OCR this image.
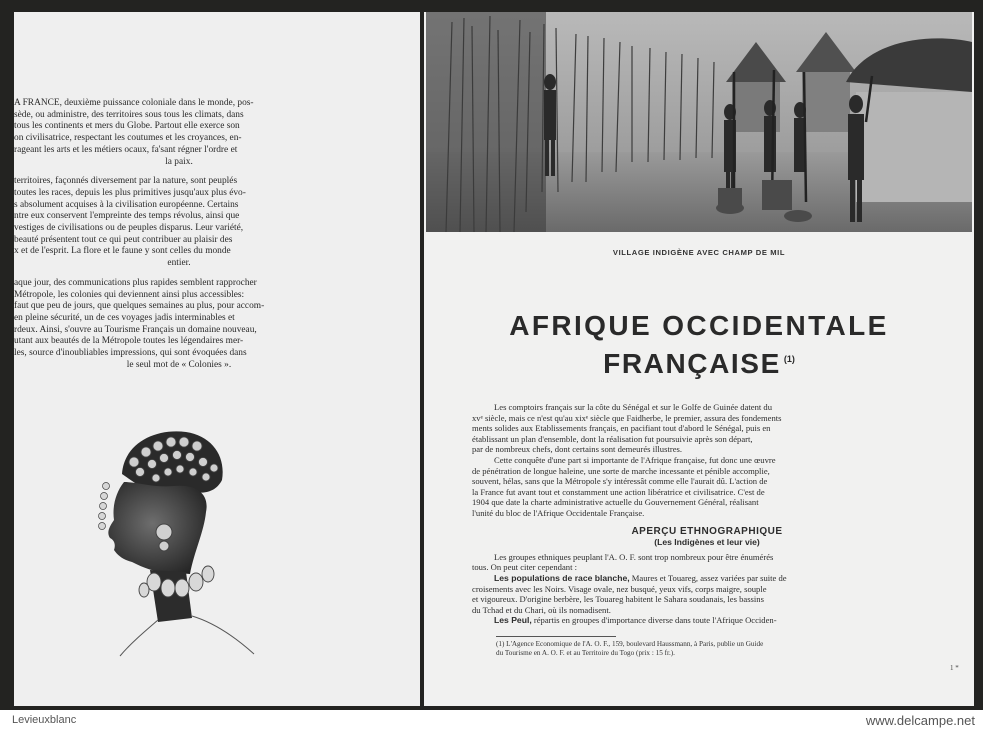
A FRANCE, deuxième puissance coloniale dans le monde, pos-
sède, ou administre, des territoires sous tous les climats, dans
tous les continents et mers du Globe. Partout elle exerce son
on civilisatrice, respectant les coutumes et les croyances, en-
rageant les arts et les métiers ocaux, fa'sant régner l'ordre et
la paix.
territoires, façonnés diversement par la nature, sont peuplés
toutes les races, depuis les plus primitives jusqu'aux plus évo-
s absolument acquises à la civilisation européenne. Certains
ntre eux conservent l'empreinte des temps révolus, ainsi que
vestiges de civilisations ou de peuples disparus. Leur variété,
beauté présentent tout ce qui peut contribuer au plaisir des
x et de l'esprit. La flore et le faune y sont celles du monde
entier.
aque jour, des communications plus rapides semblent rapprocher
Métropole, les colonies qui deviennent ainsi plus accessibles:
faut que peu de jours, que quelques semaines au plus, pour accom-
en pleine sécurité, un de ces voyages jadis interminables et
rdeux. Ainsi, s'ouvre au Tourisme Français un domaine nouveau,
utant aux beautés de la Métropole toutes les légendaires mer-
les, source d'inoubliables impressions, qui sont évoquées dans
le seul mot de « Colonies ».
VILLAGE INDIGÈNE AVEC CHAMP DE MIL
AFRIQUE OCCIDENTALE
FRANÇAISE $^{(1)}$
Les comptoirs français sur la côte du Sénégal et sur le Golfe de Guinée datent du
xvᵉ siècle, mais ce n'est qu'au xixᵉ siècle que Faidherbe, le premier, assura des fondements
ments solides aux Etablissements français, en pacifiant tout d'abord le Sénégal, puis en
établissant un plan d'ensemble, dont la réalisation fut poursuivie après son départ,
par de nombreux chefs, dont certains sont demeurés illustres.
Cette conquête d'une part si importante de l'Afrique française, fut donc une œuvre
de pénétration de longue haleine, une sorte de marche incessante et pénible accomplie,
souvent, hélas, sans que la Métropole s'y intéressât comme elle l'aurait dû. L'action de
la France fut avant tout et constamment une action libératrice et civilisatrice. C'est de
1904 que date la charte administrative actuelle du Gouvernement Général, réalisant
l'unité du bloc de l'Afrique Occidentale Française.
APERÇU ETHNOGRAPHIQUE
(Les Indigènes et leur vie)
Les groupes ethniques peuplant l'A. O. F. sont trop nombreux pour être énumérés
tous. On peut citer cependant :
Les populations de race blanche, Maures et Touareg, assez variées par suite de
croisements avec les Noirs. Visage ovale, nez busqué, yeux vifs, corps maigre, souple
et vigoureux. D'origine berbère, les Touareg habitent le Sahara soudanais, les bassins
du Tchad et du Chari, où ils nomadisent.
Les Peul, répartis en groupes d'importance diverse dans toute l'Afrique Occiden-
(1) L'Agence Economique de l'A. O. F., 159, boulevard Haussmann, à Paris, publie un Guide
du Tourisme en A. O. F. et au Territoire du Togo (prix : 15 fr.).
1 *
Levieuxblanc	www.delcampe.net
